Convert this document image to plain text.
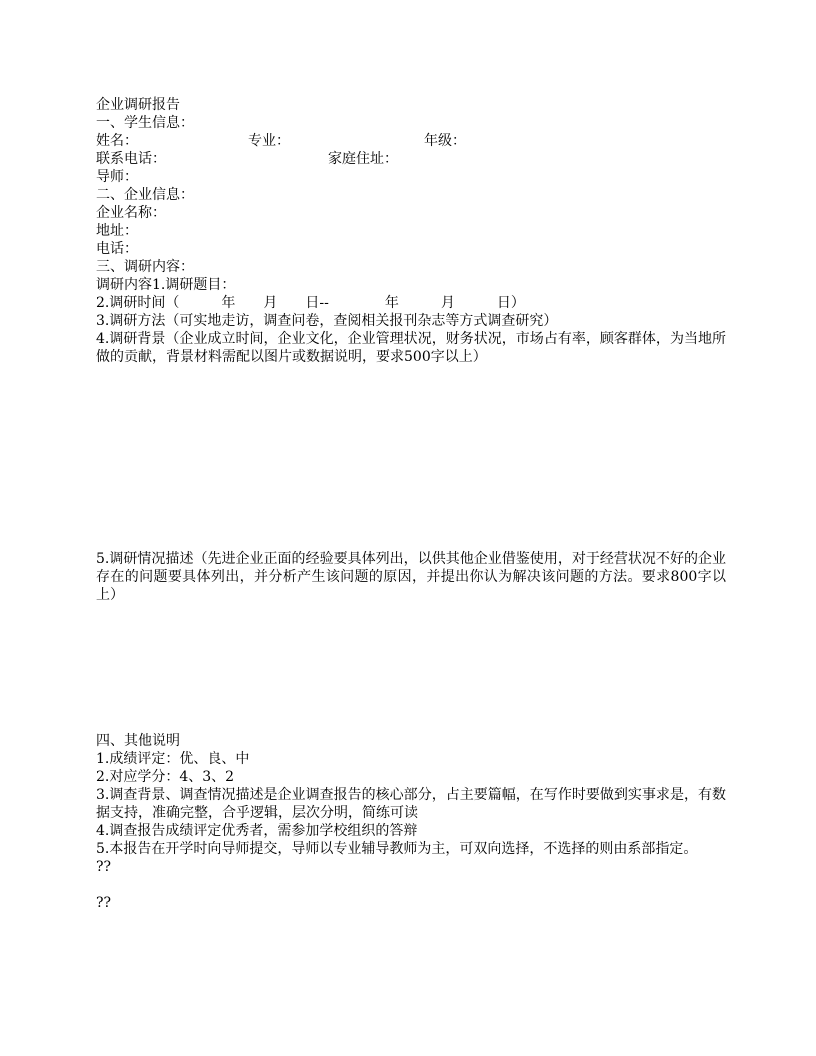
企业调研报告
一、学生信息：
姓名：	专业：	年级：
联系电话：	家庭住址：
导师：
二、企业信息：
企业名称：
地址：
电话：
三、调研内容：
调研内容1.调研题目：
2.调研时间（　　　年　　月　　日--　　　　年　　　月　　　日）
3.调研方法（可实地走访，调查问卷，查阅相关报刊杂志等方式调查研究）
4.调研背景（企业成立时间，企业文化，企业管理状况，财务状况，市场占有率，顾客群体，为当地所做的贡献，背景材料需配以图片或数据说明，要求500字以上）
5.调研情况描述（先进企业正面的经验要具体列出，以供其他企业借鉴使用，对于经营状况不好的企业存在的问题要具体列出，并分析产生该问题的原因，并提出你认为解决该问题的方法。要求800字以上）
四、其他说明
1.成绩评定：优、良、中
2.对应学分：4、3、2
3.调查背景、调查情况描述是企业调查报告的核心部分，占主要篇幅，在写作时要做到实事求是，有数据支持，准确完整，合乎逻辑，层次分明，简练可读
4.调查报告成绩评定优秀者，需参加学校组织的答辩
5.本报告在开学时向导师提交，导师以专业辅导教师为主，可双向选择，不选择的则由系部指定。
??
??
